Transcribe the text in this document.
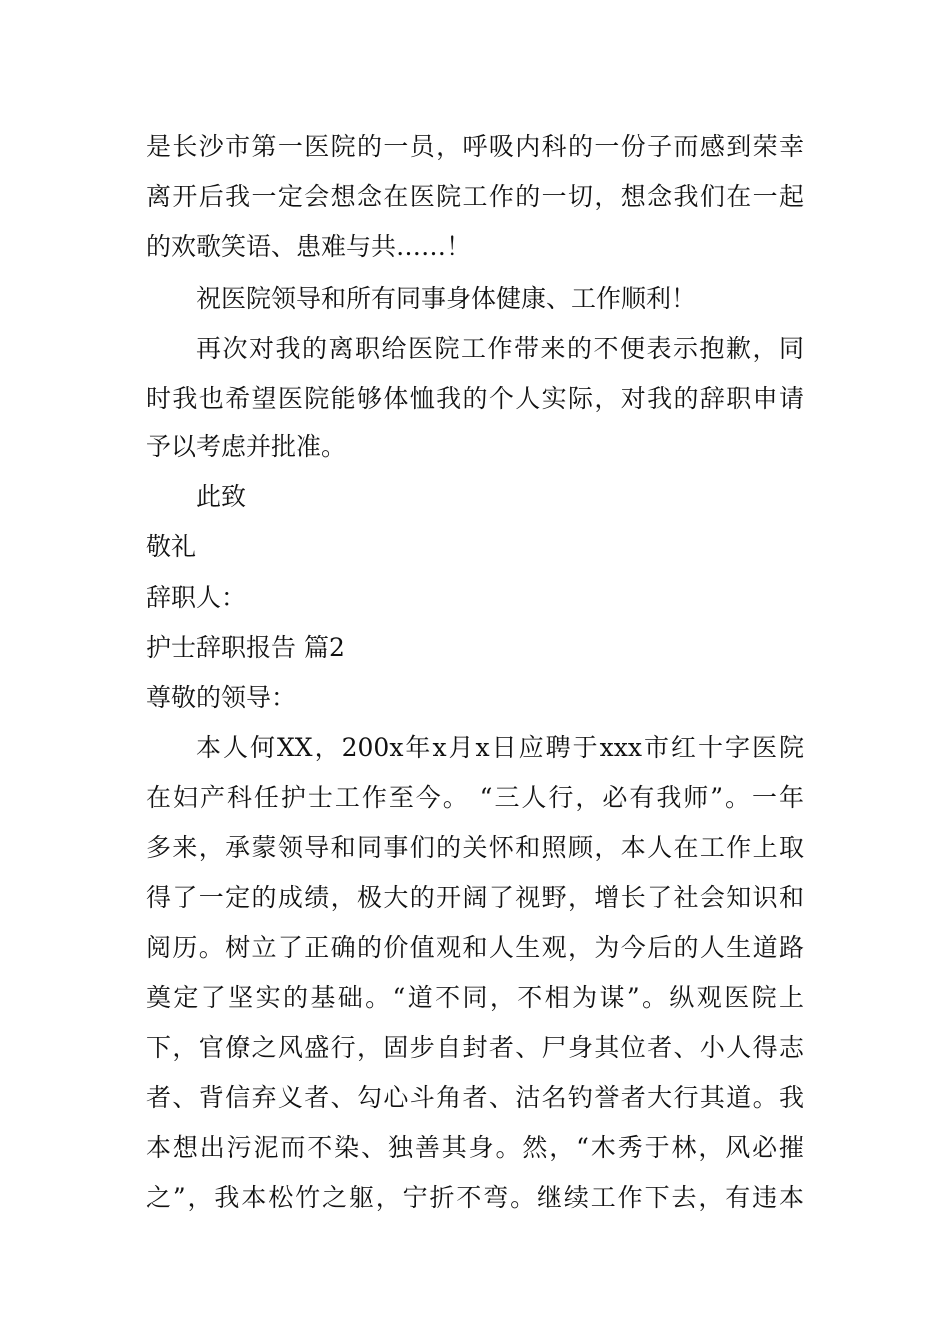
是长沙市第一医院的一员，呼吸内科的一份子而感到荣幸
离开后我一定会想念在医院工作的一切，想念我们在一起
的欢歌笑语、患难与共……！
祝医院领导和所有同事身体健康、工作顺利！
再次对我的离职给医院工作带来的不便表示抱歉，同
时我也希望医院能够体恤我的个人实际，对我的辞职申请
予以考虑并批准。
此致
敬礼
辞职人：
护士辞职报告 篇2
尊敬的领导：
本人何XX，200x年x月x日应聘于xxx市红十字医院
在妇产科任护士工作至今。 “三人行，必有我师”。一年
多来，承蒙领导和同事们的关怀和照顾，本人在工作上取
得了一定的成绩，极大的开阔了视野，增长了社会知识和
阅历。树立了正确的价值观和人生观，为今后的人生道路
奠定了坚实的基础。“道不同，不相为谋”。纵观医院上
下，官僚之风盛行，固步自封者、尸身其位者、小人得志
者、背信弃义者、勾心斗角者、沽名钓誉者大行其道。我
本想出污泥而不染、独善其身。然，“木秀于林，风必摧
之”，我本松竹之躯，宁折不弯。继续工作下去，有违本
